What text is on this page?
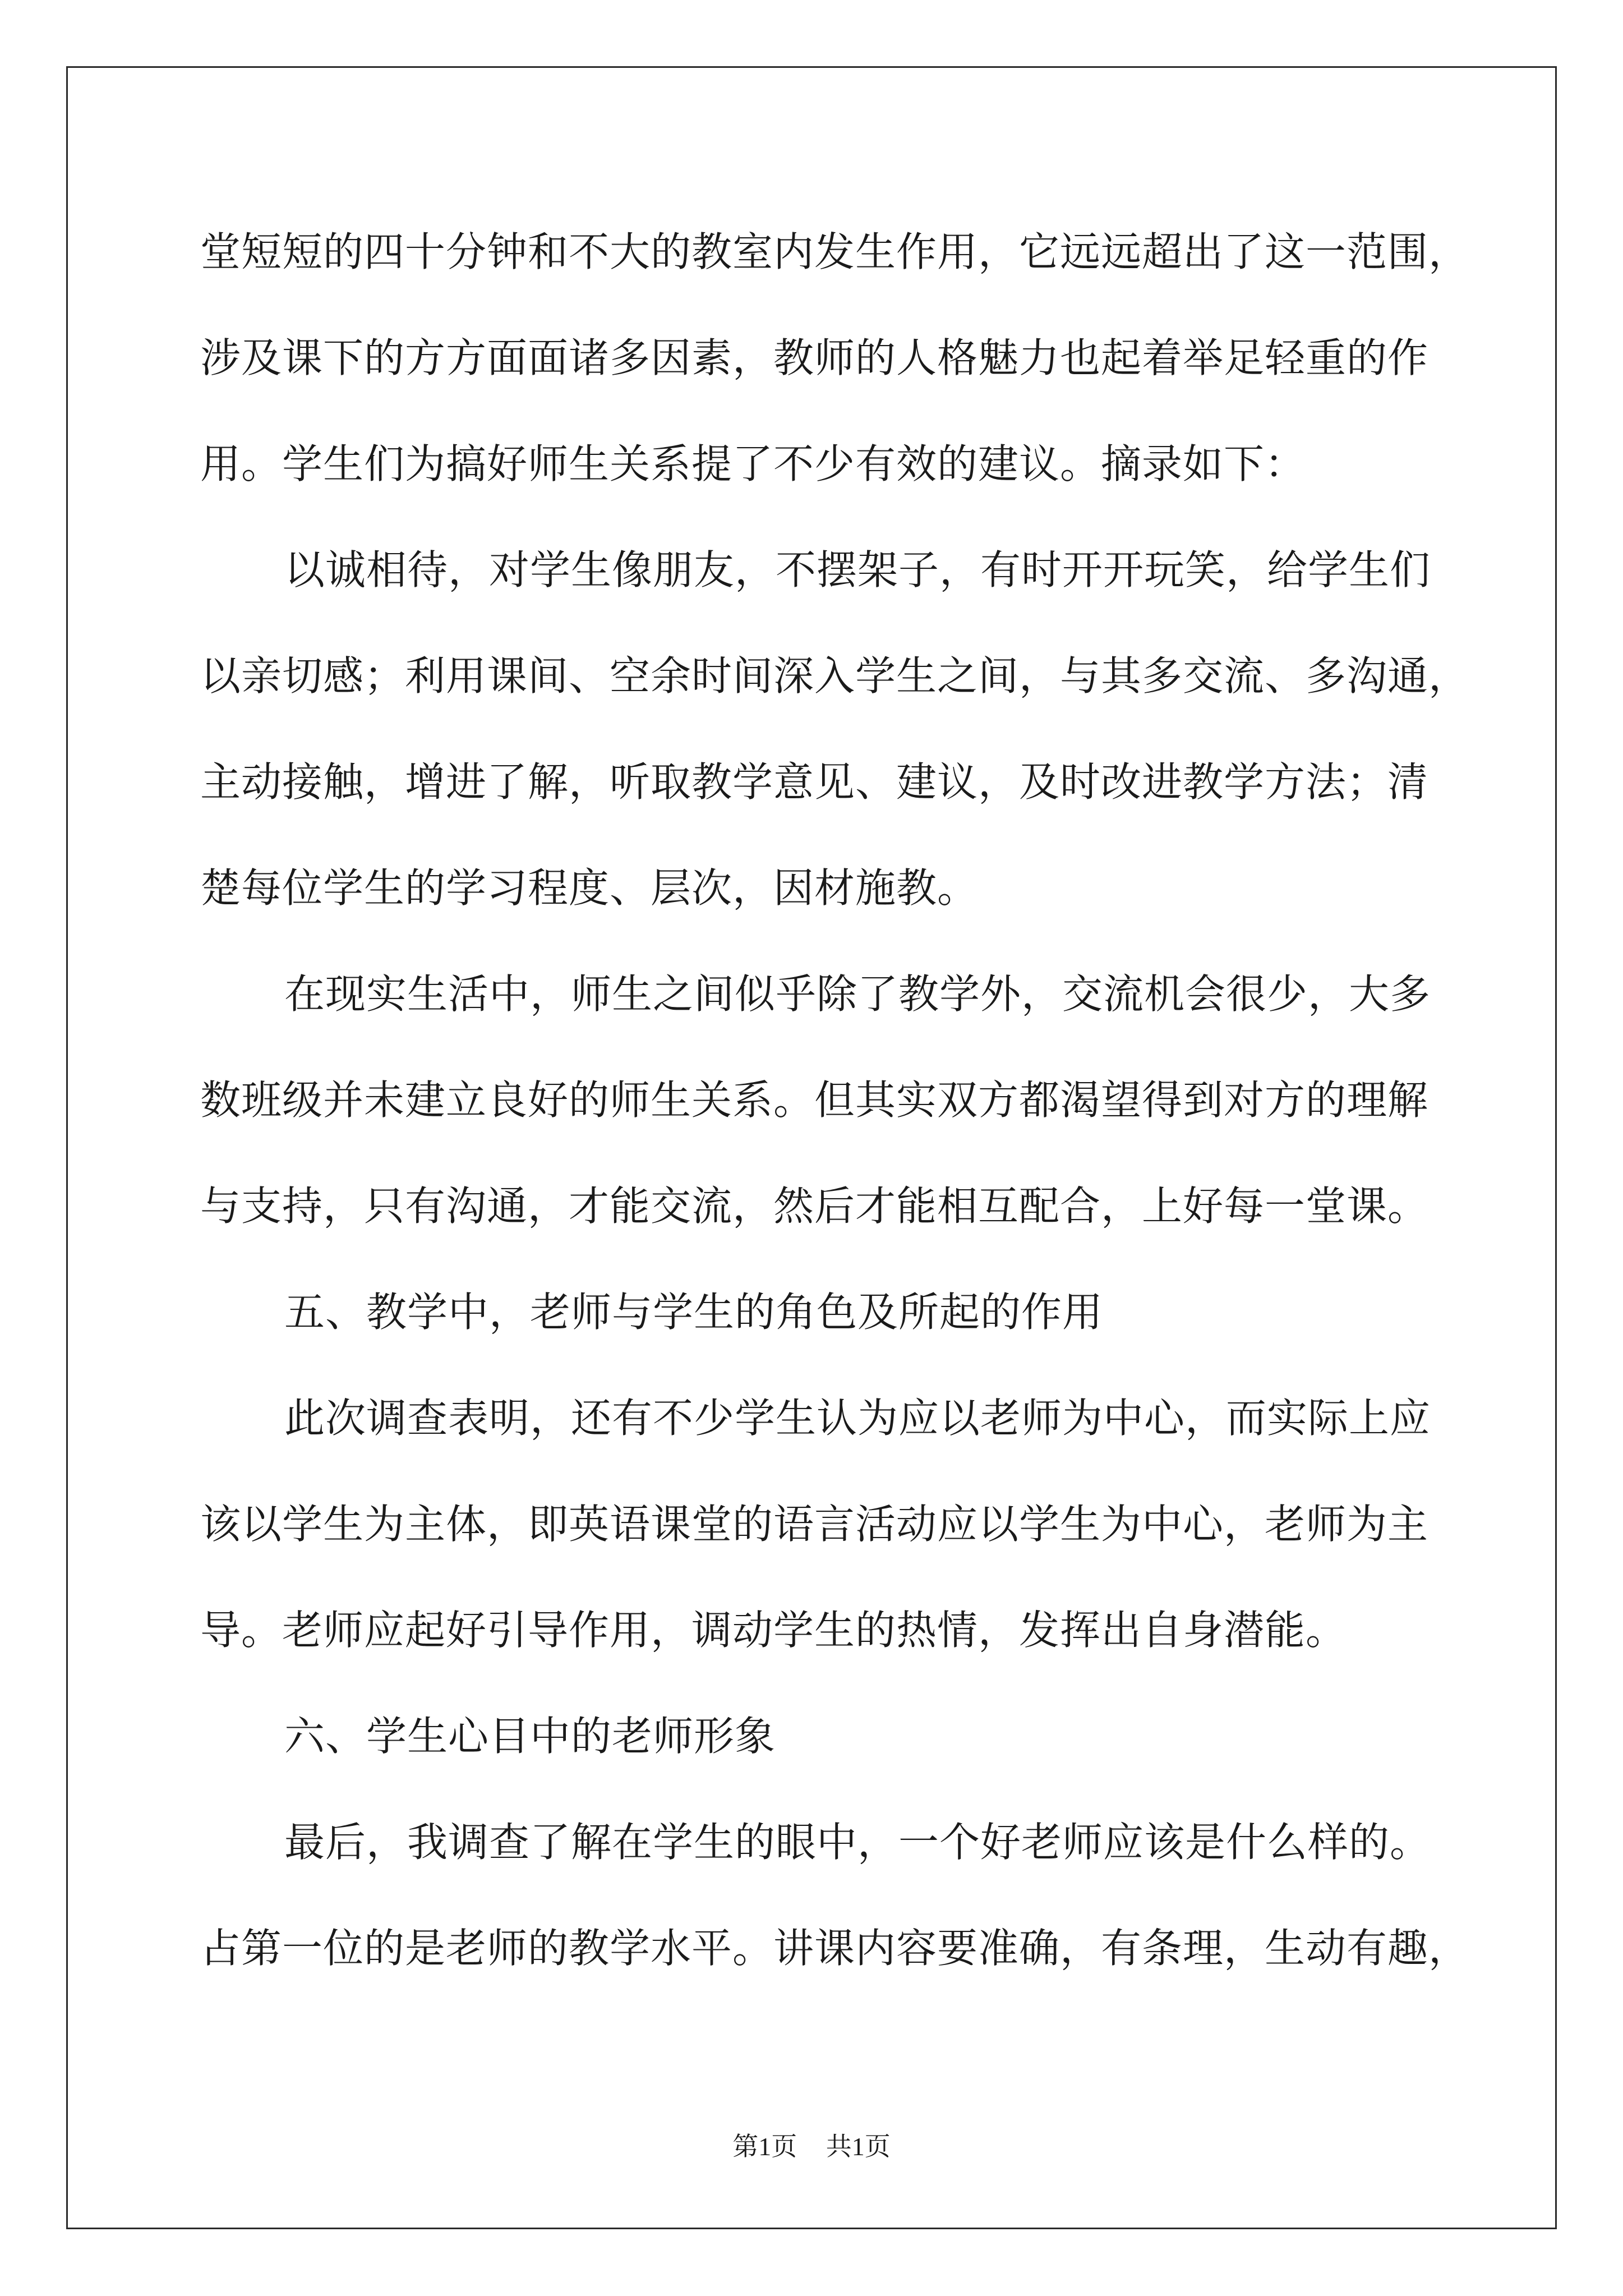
堂短短的四十分钟和不大的教室内发生作用，它远远超出了这一范围，
涉及课下的方方面面诸多因素，教师的人格魅力也起着举足轻重的作
用。学生们为搞好师生关系提了不少有效的建议。摘录如下：
以诚相待，对学生像朋友，不摆架子，有时开开玩笑，给学生们
以亲切感；利用课间、空余时间深入学生之间，与其多交流、多沟通，
主动接触，增进了解，听取教学意见、建议，及时改进教学方法；清
楚每位学生的学习程度、层次，因材施教。
在现实生活中，师生之间似乎除了教学外，交流机会很少，大多
数班级并未建立良好的师生关系。但其实双方都渴望得到对方的理解
与支持，只有沟通，才能交流，然后才能相互配合，上好每一堂课。
五、教学中，老师与学生的角色及所起的作用
此次调查表明，还有不少学生认为应以老师为中心，而实际上应
该以学生为主体，即英语课堂的语言活动应以学生为中心，老师为主
导。老师应起好引导作用，调动学生的热情，发挥出自身潜能。
六、学生心目中的老师形象
最后，我调查了解在学生的眼中，一个好老师应该是什么样的。
占第一位的是老师的教学水平。讲课内容要准确，有条理，生动有趣，
第1页 共1页
